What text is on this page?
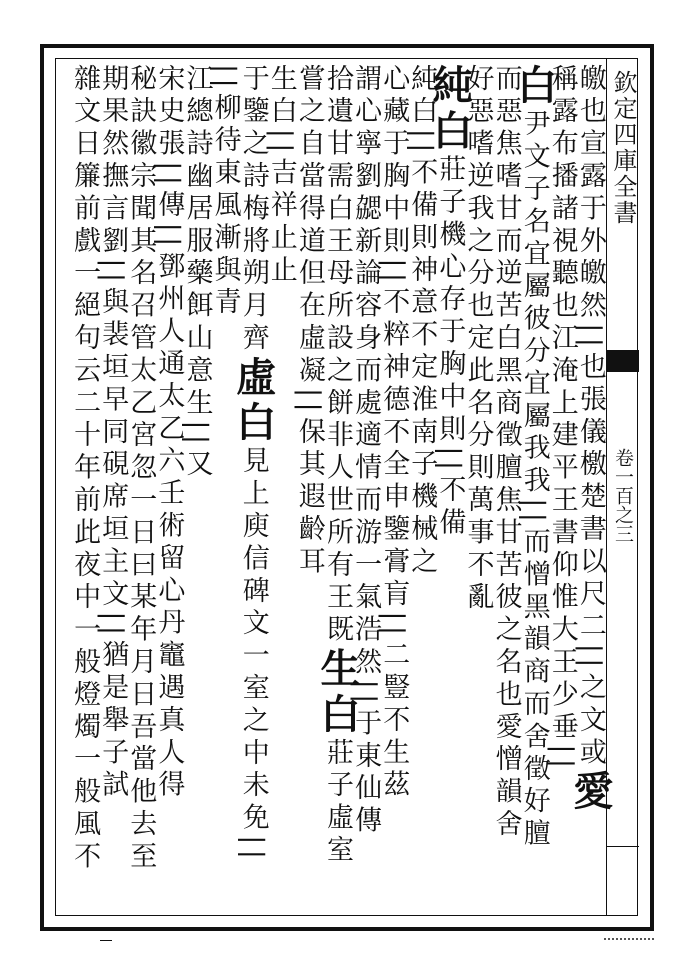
欽定四庫全書
卷一百之三
皦也宣露于外皦然||也張儀檄楚書以尺二||之文或愛
稱露布播諸視聽也江淹上建平王書仰惟大王少垂||
白尹文子名宜屬彼分宜屬我我||而憎黑韻商而舍徵好膻
而惡焦嗜甘而逆苦白黑商徵膻焦甘苦彼之名也愛憎韻舍
好惡嗜逆我之分也定此名分則萬事不亂
純白莊子機心存于胸中則||不備
純白||不備則神意不定淮南子機械之
心藏于胸中則||不粹神德不全申鑒膏肓||二豎不生茲
謂心寧劉勰新論容身而處適情而游一氣浩然||于東仙傳
拾遺甘需白王母所設之餅非人世所有王既生白莊子虛室
嘗之自當得道但在虛凝||保其遐齡耳
生白||吉祥止止
于鑒之詩梅將朔月齊虛白見上庾信碑文一室之中未免||
||柳待東風漸與青
江總詩幽居服藥餌山意生||又
宋史張||傳||鄧州人通太乙六壬術留心丹竈遇真人得
秘訣徽宗聞其名召管太乙宮忽一日曰某年月日吾當他去至
期果然撫言劉||與裴垣早同硯席垣主文||猶是舉子試
雜文日簾前戲一絕句云二十年前此夜中一般燈燭一般風不
